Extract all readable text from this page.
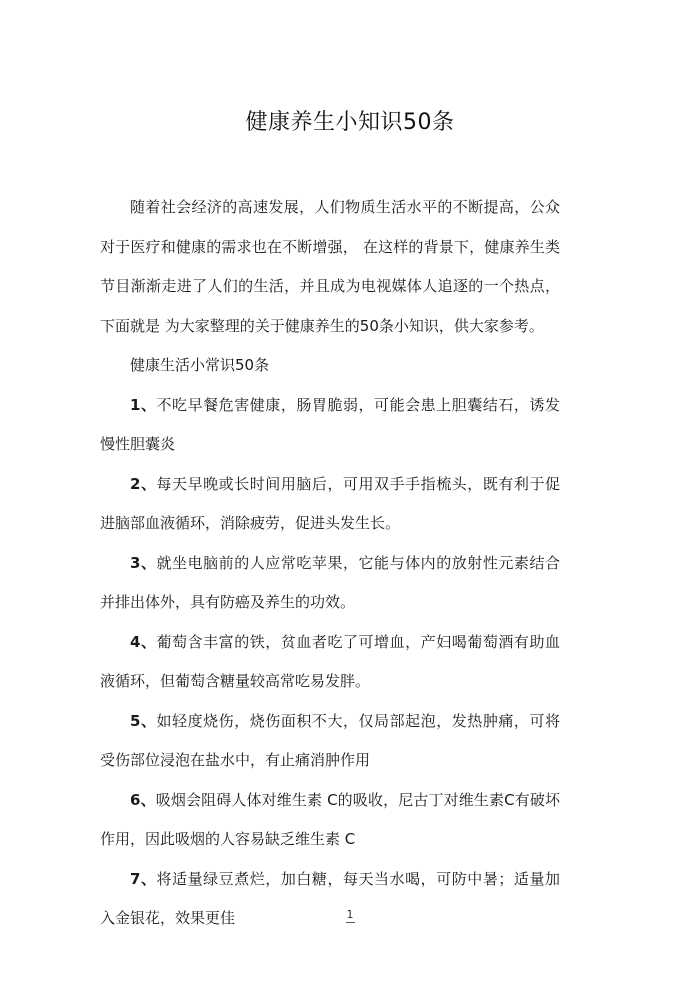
健康养生小知识50条

随着社会经济的高速发展，人们物质生活水平的不断提高，公众对于医疗和健康的需求也在不断增强， 在这样的背景下，健康养生类节目渐渐走进了人们的生活，并且成为电视媒体人追逐的一个热点，下面就是 为大家整理的关于健康养生的50条小知识，供大家参考。

健康生活小常识50条

1、不吃早餐危害健康，肠胃脆弱，可能会患上胆囊结石，诱发慢性胆囊炎

2、每天早晚或长时间用脑后，可用双手手指梳头，既有利于促进脑部血液循环，消除疲劳，促进头发生长。

3、就坐电脑前的人应常吃苹果，它能与体内的放射性元素结合并排出体外，具有防癌及养生的功效。

4、葡萄含丰富的铁，贫血者吃了可增血，产妇喝葡萄酒有助血液循环，但葡萄含糖量较高常吃易发胖。

5、如轻度烧伤，烧伤面积不大，仅局部起泡，发热肿痛，可将受伤部位浸泡在盐水中，有止痛消肿作用

6、吸烟会阻碍人体对维生素 C的吸收，尼古丁对维生素C有破坏作用，因此吸烟的人容易缺乏维生素 C

7、将适量绿豆煮烂，加白糖，每天当水喝，可防中暑；适量加入金银花，效果更佳	1
